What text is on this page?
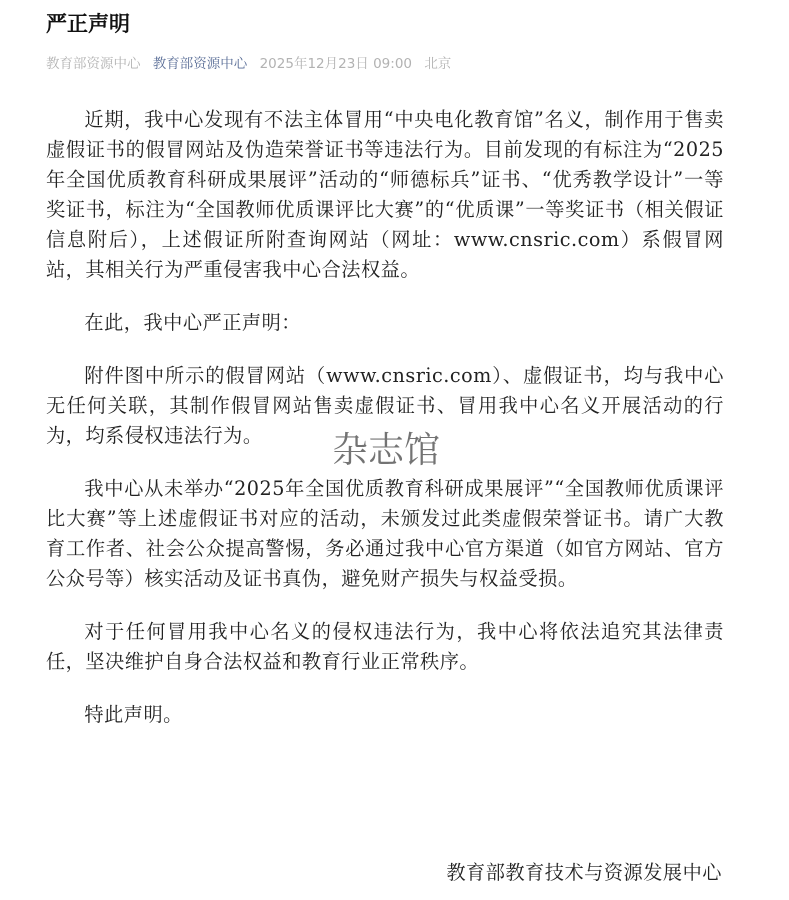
严正声明
教育部资源中心 教育部资源中心 2025年12月23日 09:00 北京

近期，我中心发现有不法主体冒用“中央电化教育馆”名义，制作用于售卖虚假证书的假冒网站及伪造荣誉证书等违法行为。目前发现的有标注为“2025年全国优质教育科研成果展评”活动的“师德标兵”证书、“优秀教学设计”一等奖证书，标注为“全国教师优质课评比大赛”的“优质课”一等奖证书（相关假证信息附后），上述假证所附查询网站（网址：www.cnsric.com）系假冒网站，其相关行为严重侵害我中心合法权益。

在此，我中心严正声明：

附件图中所示的假冒网站（www.cnsric.com）、虚假证书，均与我中心无任何关联，其制作假冒网站售卖虚假证书、冒用我中心名义开展活动的行为，均系侵权违法行为。

我中心从未举办“2025年全国优质教育科研成果展评”“全国教师优质课评比大赛”等上述虚假证书对应的活动，未颁发过此类虚假荣誉证书。请广大教育工作者、社会公众提高警惕，务必通过我中心官方渠道（如官方网站、官方公众号等）核实活动及证书真伪，避免财产损失与权益受损。

对于任何冒用我中心名义的侵权违法行为，我中心将依法追究其法律责任，坚决维护自身合法权益和教育行业正常秩序。

特此声明。

教育部教育技术与资源发展中心
杂志馆
